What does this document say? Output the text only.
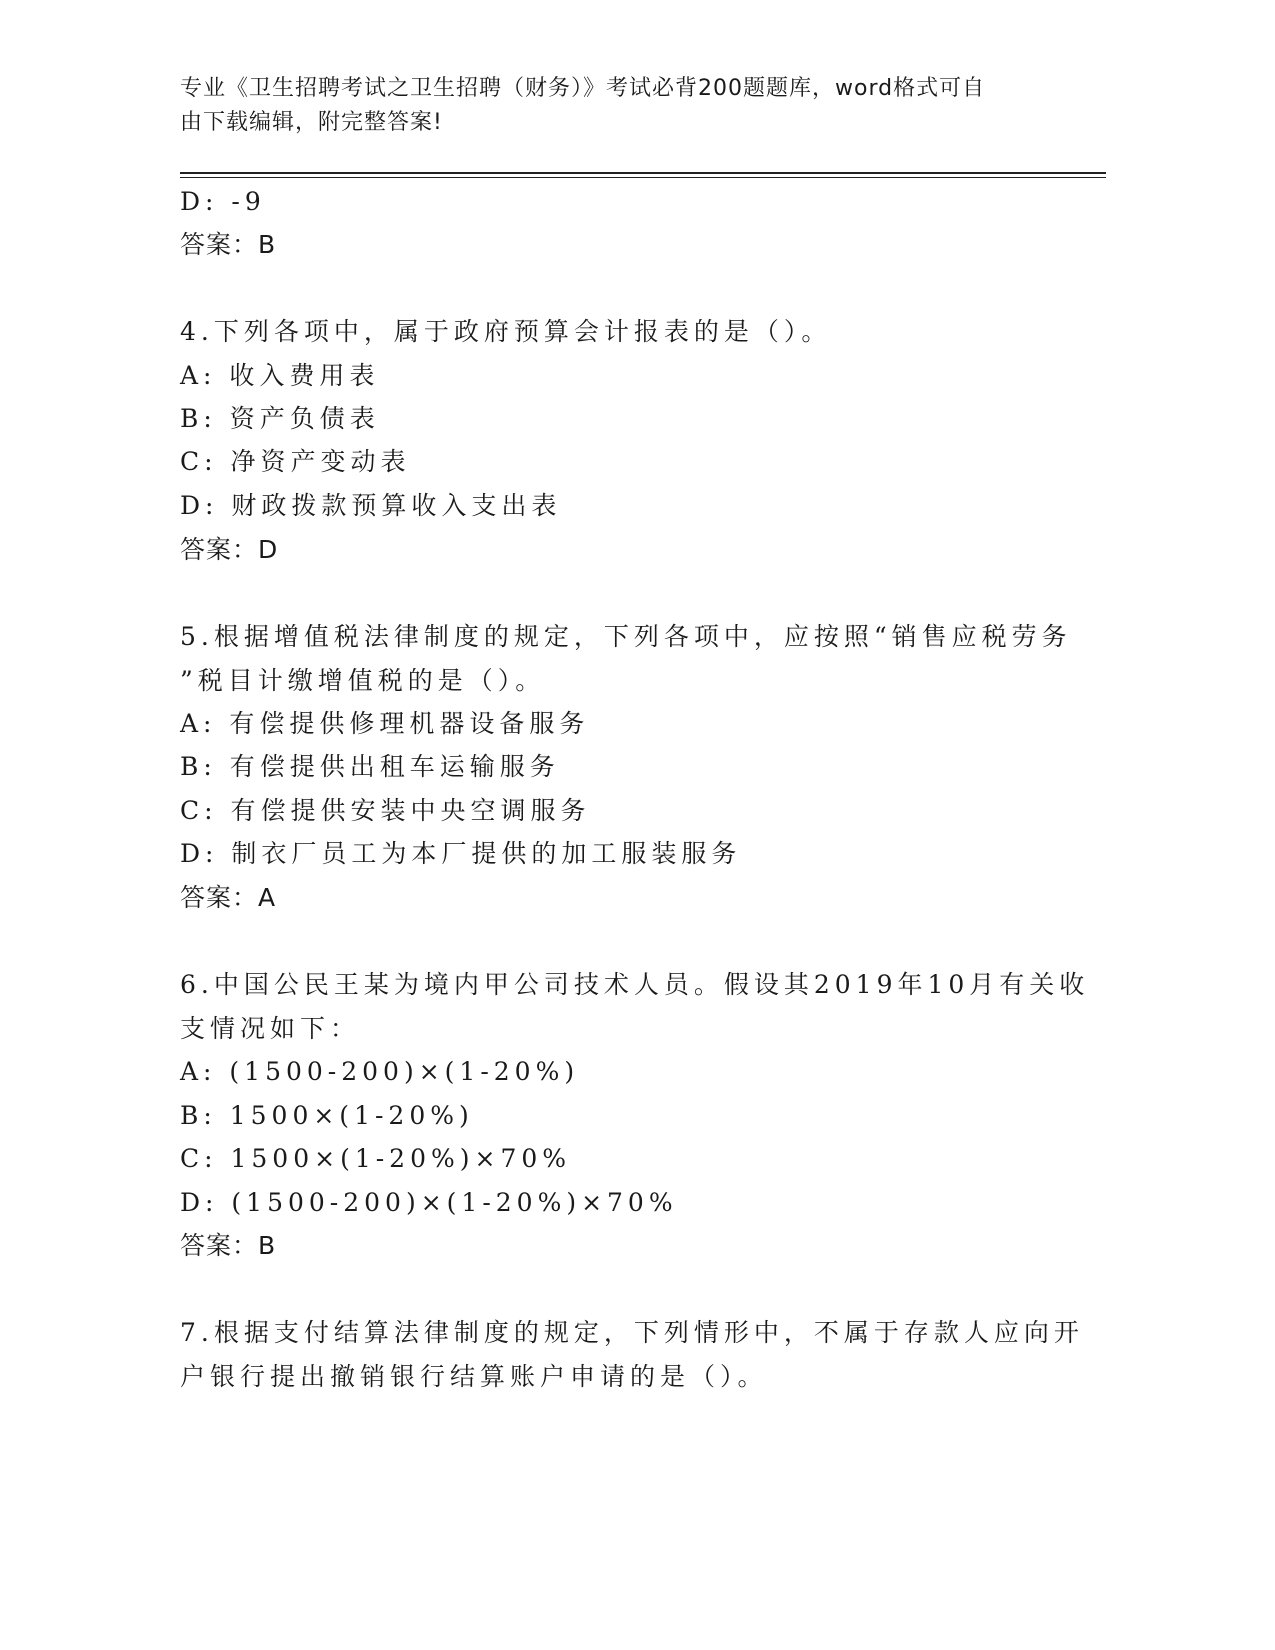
专业《卫生招聘考试之卫生招聘（财务）》考试必背200题题库，word格式可自
由下载编辑，附完整答案!
D: -9
答案：B
4.下列各项中，属于政府预算会计报表的是（）。
A: 收入费用表
B: 资产负债表
C: 净资产变动表
D: 财政拨款预算收入支出表
答案：D
5.根据增值税法律制度的规定，下列各项中，应按照“销售应税劳务
”税目计缴增值税的是（）。
A: 有偿提供修理机器设备服务
B: 有偿提供出租车运输服务
C: 有偿提供安装中央空调服务
D: 制衣厂员工为本厂提供的加工服装服务
答案：A
6.中国公民王某为境内甲公司技术人员。假设其2019年10月有关收
支情况如下：
A: (1500-200)×(1-20%)
B: 1500×(1-20%)
C: 1500×(1-20%)×70%
D: (1500-200)×(1-20%)×70%
答案：B
7.根据支付结算法律制度的规定，下列情形中，不属于存款人应向开
户银行提出撤销银行结算账户申请的是（）。
